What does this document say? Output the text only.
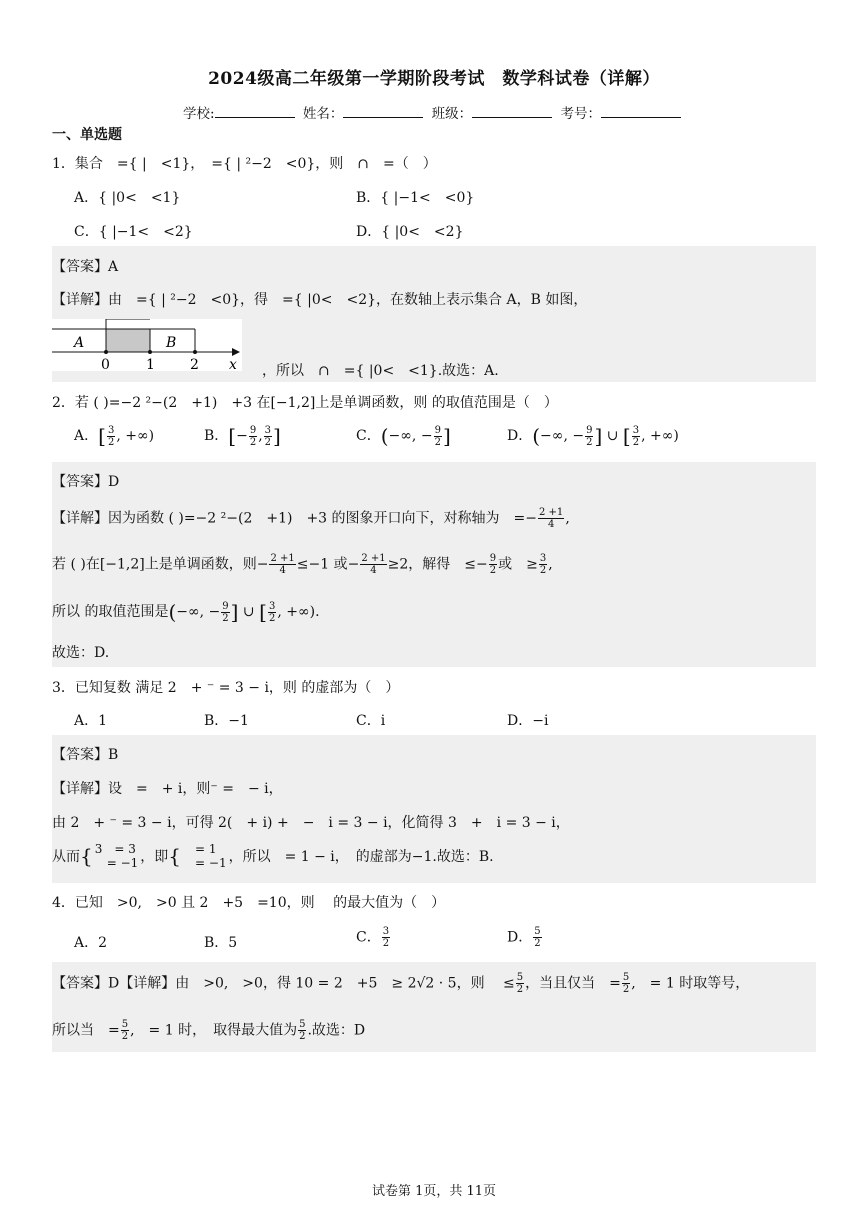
2024级高二年级第一学期阶段考试　数学科试卷（详解）
学校:	姓名：	班级：	考号：
一、单选题
1．集合　={ |　<1}，　={ | ²−2　<0}，则　∩　=（　）
A．{ |0<　<1}	B．{ |−1<　<0}
C．{ |−1<　<2}	D．{ |0<　<2}
【答案】A
【详解】由　={ | ²−2　<0}，得　={ |0<　<2}，在数轴上表示集合 A，B 如图，
A	B
0	1	2 x ，所以　∩　={ |0<　<1}.故选：A.
2．若 ( )=−2 ²−(2　+1)　+3 在[−1,2]上是单调函数，则 的取值范围是（　）
A．[ $\frac{3}{2}$ , +∞)	B．[− $\frac{9}{2}$ , $\frac{3}{2}$ ]	C．(−∞, − $\frac{9}{2}$ ]	D．(−∞, − $\frac{9}{2}$ ] ∪ [ $\frac{3}{2}$ , +∞)
【答案】D
【详解】因为函数 ( )=−2 ²−(2　+1)　+3 的图象开口向下，对称轴为　=− $\frac{2 +1}{4}$ ,
若 ( )在[−1,2]上是单调函数，则− $\frac{2 +1}{4} \le-1$ 或− $\frac{2 +1}{4} \ge 2$，解得　≤− $\frac{9}{2}$ 或　≥ $\frac{3}{2}$ ,
所以 的取值范围是(−∞, − $\frac{9}{2}$ ] ∪ [ $\frac{3}{2}$ , +∞).
故选：D.
3．已知复数 满足 2　+ ⁻ = 3 − i，则 的虚部为（　）
A．1	B．−1	C．i	D．−i
【答案】B
【详解】设　=　+ i，则⁻ =　− i，
由 2　+ ⁻ = 3 − i，可得 2(　+ i) +　−　i = 3 − i，化简得 3　+　i = 3 − i，
从而{ 3　= 3
　= −1 ，即{ 　= 1
　= −1 ，所以　= 1 − i，　的虚部为−1.故选：B.
4．已知　>0,　>0 且 2　+5　=10，则　 的最大值为（　）
A．2	B．5	C． $\frac{3}{2}$	D． $\frac{5}{2}$
【答案】D【详解】由　>0,　>0，得 10 = 2　+5　≥ 2√2 · 5，则　 ≤ $\frac{5}{2}$ ，当且仅当　= $\frac{5}{2}$ ,　= 1 时取等号，
所以当　= $\frac{5}{2}$ ,　= 1 时，　取得最大值为 $\frac{5}{2}$ .故选：D
试卷第 1页，共 11页
